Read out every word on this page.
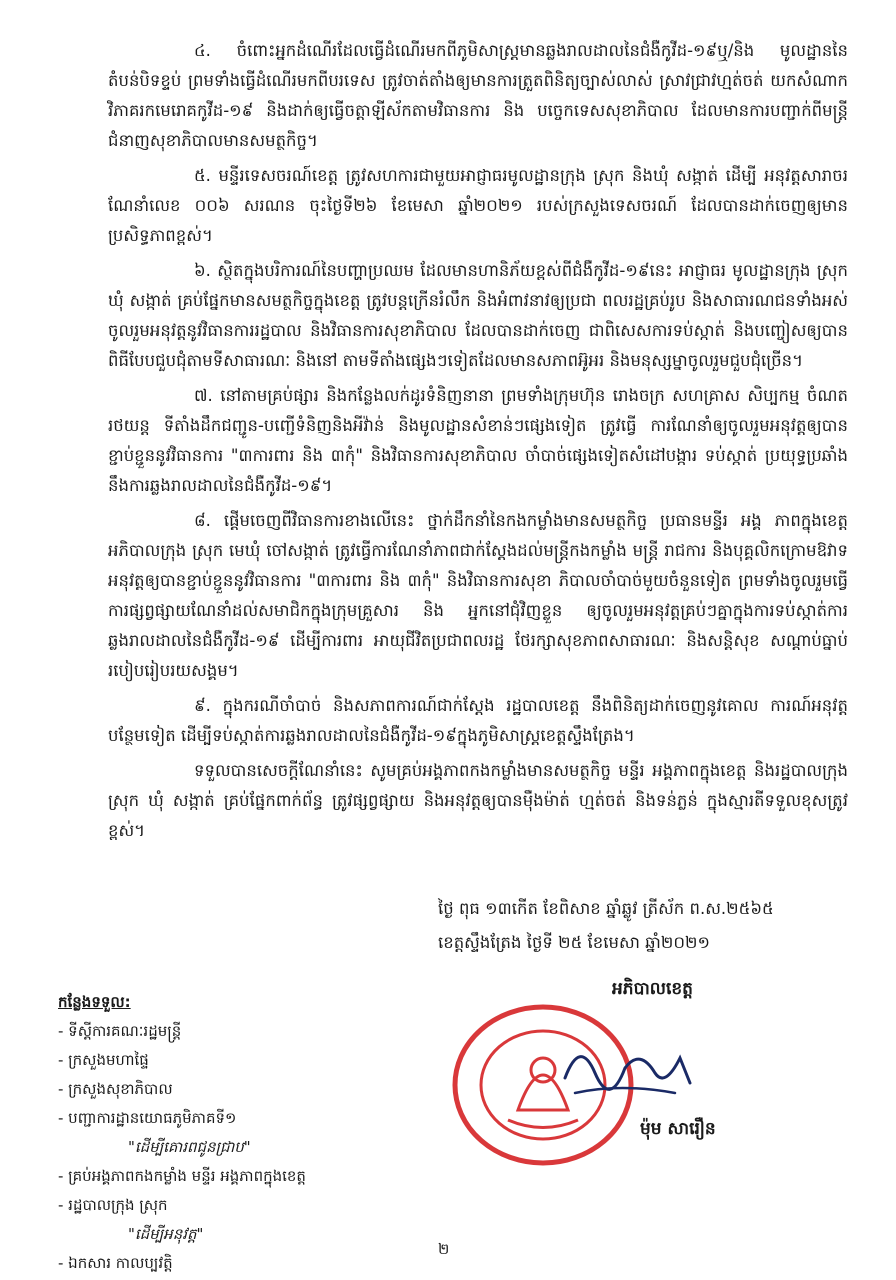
៤. ចំពោះអ្នកដំណើរដែលធ្វើដំណើរមកពីភូមិសាស្ត្រមានឆ្លងរាលដាលនៃជំងឺកូវីដ-១៩ឬ/និង មូលដ្ឋាននៃតំបន់បិទខ្ទប់ ព្រមទាំងធ្វើដំណើរមកពីបរទេស ត្រូវចាត់តាំងឲ្យមានការត្រួតពិនិត្យច្បាស់លាស់ ស្រាវជ្រាវហ្មត់ចត់ យកសំណាកវិភាគរកមេរោគកូវីដ-១៩ និងដាក់ឲ្យធ្វើចត្តាឡីស័កតាមវិធានការ និង បច្ចេកទេសសុខាភិបាល ដែលមានការបញ្ជាក់ពីមន្ត្រីជំនាញសុខាភិបាលមានសមត្ថកិច្ច។

៥. មន្ទីរទេសចរណ៍ខេត្ត ត្រូវសហការជាមួយអាជ្ញាធរមូលដ្ឋានក្រុង ស្រុក និងឃុំ សង្កាត់ ដើម្បី អនុវត្តសារាចរណែនាំលេខ ០០៦ សរណន ចុះថ្ងៃទី២៦ ខែមេសា ឆ្នាំ២០២១ របស់ក្រសួងទេសចរណ៍ ដែលបានដាក់ចេញឲ្យមានប្រសិទ្ធភាពខ្ពស់។

៦. ស្ថិតក្នុងបរិការណ៍នៃបញ្ហាប្រឈម ដែលមានហានិភ័យខ្ពស់ពីជំងឺកូវីដ-១៩នេះ អាជ្ញាធរ មូលដ្ឋានក្រុង ស្រុក ឃុំ សង្កាត់ គ្រប់ផ្នែកមានសមត្ថកិច្ចក្នុងខេត្ត ត្រូវបន្តក្រើនរំលឹក និងអំពាវនាវឲ្យប្រជា ពលរដ្ឋគ្រប់រូប និងសាធារណជនទាំងអស់ ចូលរួមអនុវត្តនូវវិធានការរដ្ឋបាល និងវិធានការសុខាភិបាល ដែលបានដាក់ចេញ ជាពិសេសការទប់ស្កាត់ និងបញ្ចៀសឲ្យបានពិធីបែបជួបជុំតាមទីសាធារណៈ និងនៅ តាមទីតាំងផ្សេងៗទៀតដែលមានសភាពអ៊ូអរ និងមនុស្សម្នាចូលរួមជួបជុំច្រើន។

៧. នៅតាមគ្រប់ផ្សារ និងកន្លែងលក់ដូរទំនិញនានា ព្រមទាំងក្រុមហ៊ុន រោងចក្រ សហគ្រាស សិប្បកម្ម ចំណតរថយន្ត ទីតាំងដឹកជញ្ជូន-បញ្ជើទំនិញនិងអីវ៉ាន់ និងមូលដ្ឋានសំខាន់ៗផ្សេងទៀត ត្រូវធ្វើ ការណែនាំឲ្យចូលរួមអនុវត្តឲ្យបានខ្ជាប់ខ្ជួននូវវិធានការ "៣ការពារ និង ៣កុំ" និងវិធានការសុខាភិបាល ចាំបាច់ផ្សេងទៀតសំដៅបង្ការ ទប់ស្កាត់ ប្រយុទ្ធប្រឆាំងនឹងការឆ្លងរាលដាលនៃជំងឺកូវីដ-១៩។

៨. ផ្តើមចេញពីវិធានការខាងលើនេះ ថ្នាក់ដឹកនាំនៃកងកម្លាំងមានសមត្ថកិច្ច ប្រធានមន្ទីរ អង្គ ភាពក្នុងខេត្ត អភិបាលក្រុង ស្រុក មេឃុំ ចៅសង្កាត់ ត្រូវធ្វើការណែនាំភាពជាក់ស្តែងដល់មន្ត្រីកងកម្លាំង មន្ត្រី រាជការ និងបុគ្គលិកក្រោមឱវាទអនុវត្តឲ្យបានខ្ជាប់ខ្ជួននូវវិធានការ "៣ការពារ និង ៣កុំ" និងវិធានការសុខា ភិបាលចាំបាច់មួយចំនួនទៀត ព្រមទាំងចូលរួមធ្វើការផ្សព្វផ្សាយណែនាំដល់សមាជិកក្នុងក្រុមគ្រួសារ និង អ្នកនៅជុំវិញខ្លួន ឲ្យចូលរួមអនុវត្តគ្រប់ៗគ្នាក្នុងការទប់ស្កាត់ការឆ្លងរាលដាលនៃជំងឺកូវីដ-១៩ ដើម្បីការពារ អាយុជីវិតប្រជាពលរដ្ឋ ថែរក្សាសុខភាពសាធារណៈ និងសន្តិសុខ សណ្តាប់ធ្នាប់របៀបរៀបរយសង្គម។

៩. ក្នុងករណីចាំបាច់ និងសភាពការណ៍ជាក់ស្តែង រដ្ឋបាលខេត្ត នឹងពិនិត្យដាក់ចេញនូវគោល ការណ៍អនុវត្តបន្ថែមទៀត ដើម្បីទប់ស្កាត់ការឆ្លងរាលដាលនៃជំងឺកូវីដ-១៩ក្នុងភូមិសាស្ត្រខេត្តស្ទឹងត្រែង។

ទទួលបានសេចក្តីណែនាំនេះ សូមគ្រប់អង្គភាពកងកម្លាំងមានសមត្ថកិច្ច មន្ទីរ អង្គភាពក្នុងខេត្ត និងរដ្ឋបាលក្រុង ស្រុក ឃុំ សង្កាត់ គ្រប់ផ្នែកពាក់ព័ន្ធ ត្រូវផ្សព្វផ្សាយ និងអនុវត្តឲ្យបានម៉ឺងម៉ាត់ ហ្មត់ចត់ និងទន់ភ្លន់ ក្នុងស្មារតីទទួលខុសត្រូវខ្ពស់។

ថ្ងៃ ពុធ ១៣កើត ខែពិសាខ ឆ្នាំឆ្លូវ ត្រីស័ក ព.ស.២៥៦៥
ខេត្តស្ទឹងត្រែង ថ្ងៃទី ២៥ ខែមេសា ឆ្នាំ២០២១
អភិបាលខេត្ត
ម៉ុម សារឿន
កន្លែងទទួល:
- ទីស្តីការគណៈរដ្ឋមន្ត្រី
- ក្រសួងមហាផ្ទៃ
- ក្រសួងសុខាភិបាល
- បញ្ជាការដ្ឋានយោធភូមិភាគទី១
"ដើម្បីគោរពជូនជ្រាប"
- គ្រប់អង្គភាពកងកម្លាំង មន្ទីរ អង្គភាពក្នុងខេត្ត
- រដ្ឋបាលក្រុង ស្រុក
"ដើម្បីអនុវត្ត"
- ឯកសារ កាលប្បវត្តិ
២
